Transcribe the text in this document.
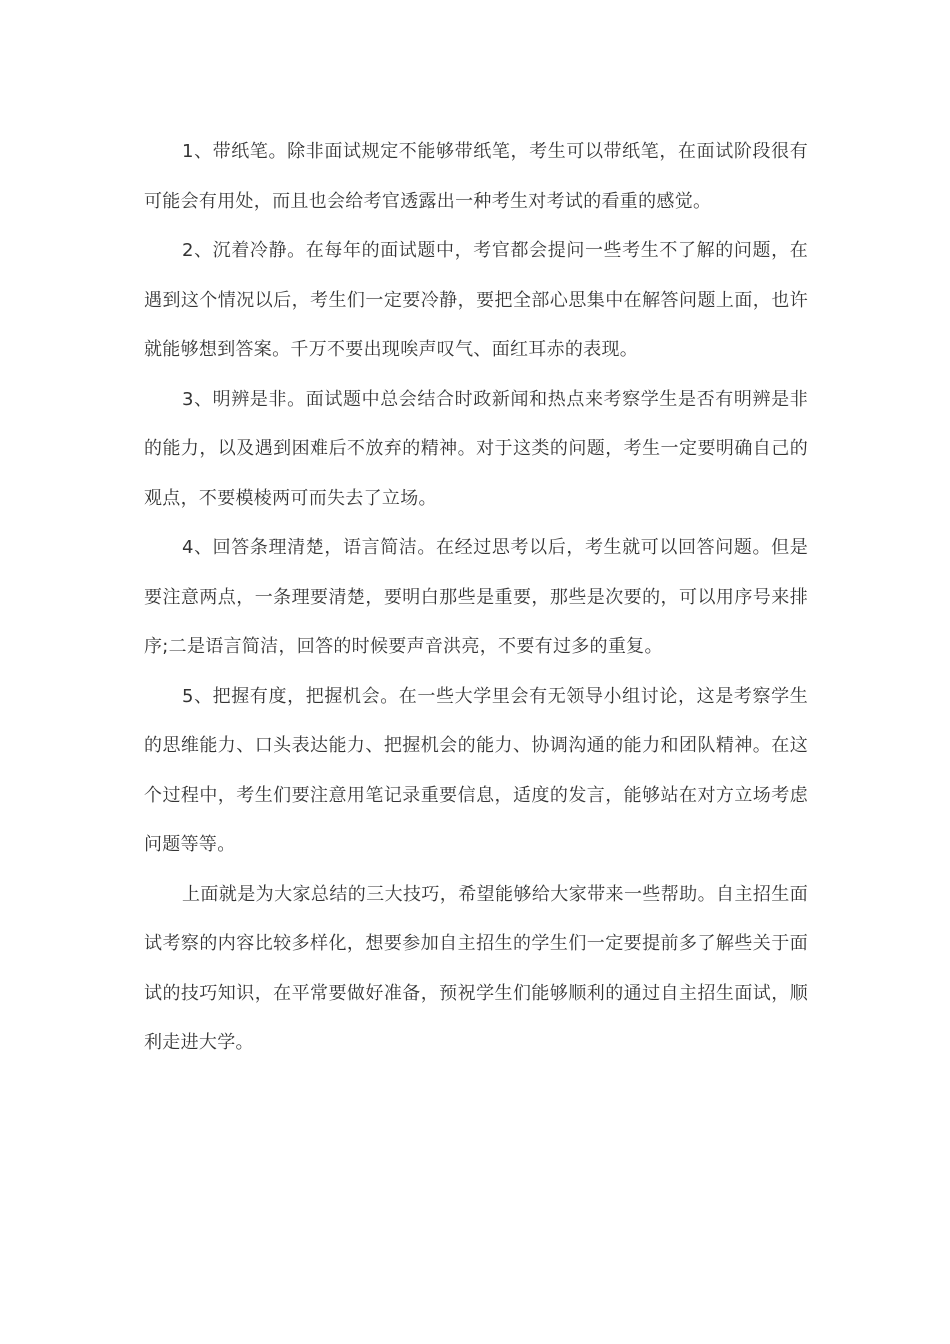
1、带纸笔。除非面试规定不能够带纸笔，考生可以带纸笔，在面试阶段很有可能会有用处，而且也会给考官透露出一种考生对考试的看重的感觉。

2、沉着冷静。在每年的面试题中，考官都会提问一些考生不了解的问题，在遇到这个情况以后，考生们一定要冷静，要把全部心思集中在解答问题上面，也许就能够想到答案。千万不要出现唉声叹气、面红耳赤的表现。

3、明辨是非。面试题中总会结合时政新闻和热点来考察学生是否有明辨是非的能力，以及遇到困难后不放弃的精神。对于这类的问题，考生一定要明确自己的观点，不要模棱两可而失去了立场。

4、回答条理清楚，语言简洁。在经过思考以后，考生就可以回答问题。但是要注意两点，一条理要清楚，要明白那些是重要，那些是次要的，可以用序号来排序;二是语言简洁，回答的时候要声音洪亮，不要有过多的重复。

5、把握有度，把握机会。在一些大学里会有无领导小组讨论，这是考察学生的思维能力、口头表达能力、把握机会的能力、协调沟通的能力和团队精神。在这个过程中，考生们要注意用笔记录重要信息，适度的发言，能够站在对方立场考虑问题等等。

上面就是为大家总结的三大技巧，希望能够给大家带来一些帮助。自主招生面试考察的内容比较多样化，想要参加自主招生的学生们一定要提前多了解些关于面试的技巧知识，在平常要做好准备，预祝学生们能够顺利的通过自主招生面试，顺利走进大学。
